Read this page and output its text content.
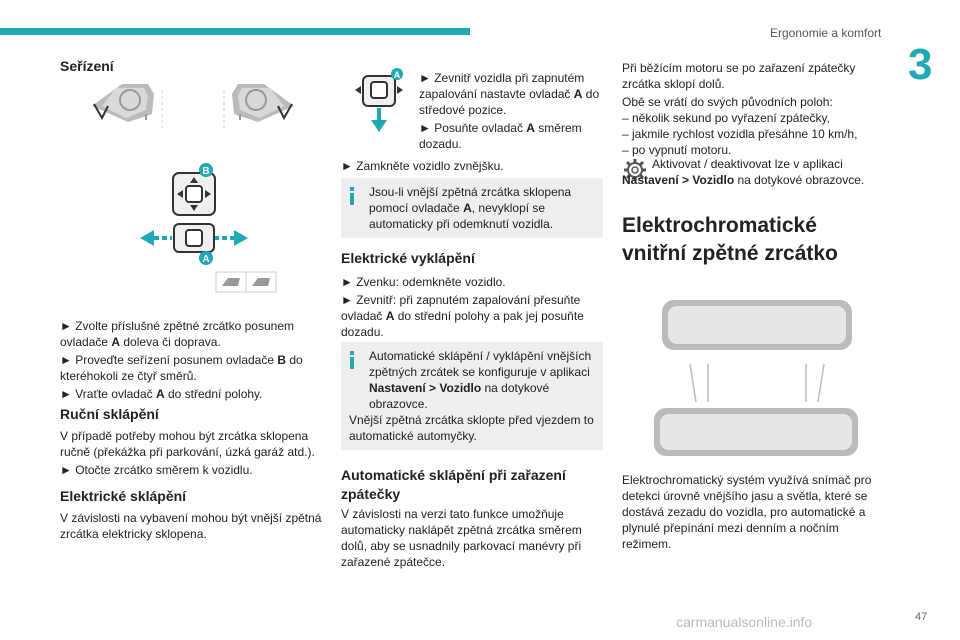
Ergonomie a komfort
3
Seřízení
B
A

► Zvolte příslušné zpětné zrcátko posunem ovladače A doleva či doprava.

► Proveďte seřízení posunem ovladače B do kteréhokoli ze čtyř směrů.

► Vraťte ovladač A do střední polohy.

Ruční sklápění

V případě potřeby mohou být zrcátka sklopena ručně (překážka při parkování, úzká garáž atd.).

► Otočte zrcátko směrem k vozidlu.

Elektrické sklápění

V závislosti na vybavení mohou být vnější zpětná zrcátka elektricky sklopena.

A ► Zevnitř vozidla při zapnutém zapalování nastavte ovladač A do středové pozice.

► Posuňte ovladač A směrem dozadu.

► Zamkněte vozidlo zvnějšku.

Jsou-li vnější zpětná zrcátka sklopena pomocí ovladače A, nevyklopí se automaticky při odemknutí vozidla.

Elektrické vyklápění

► Zvenku: odemkněte vozidlo.

► Zevnitř: při zapnutém zapalování přesuňte ovladač A do střední polohy a pak jej posuňte dozadu.

Automatické sklápění / vyklápění vnějších zpětných zrcátek se konfiguruje v aplikaci Nastavení > Vozidlo na dotykové obrazovce.

Vnější zpětná zrcátka sklopte před vjezdem to automatické automyčky.

Automatické sklápění při zařazení zpátečky

V závislosti na verzi tato funkce umožňuje automaticky naklápět zpětná zrcátka směrem dolů, aby se usnadnily parkovací manévry při zařazené zpátečce.

Při běžícím motoru se po zařazení zpátečky zrcátka sklopí dolů.

Obě se vrátí do svých původních poloh:

– několik sekund po vyřazení zpátečky,

– jakmile rychlost vozidla přesáhne 10 km/h,

– po vypnutí motoru.

Aktivovat / deaktivovat lze v aplikaci Nastavení > Vozidlo na dotykové obrazovce.

Elektrochromatické vnitřní zpětné zrcátko

Elektrochromatický systém využívá snímač pro detekci úrovně vnějšího jasu a světla, které se dostává zezadu do vozidla, pro automatické a plynulé přepínání mezi denním a nočním režimem.

carmanualsonline.info	47
